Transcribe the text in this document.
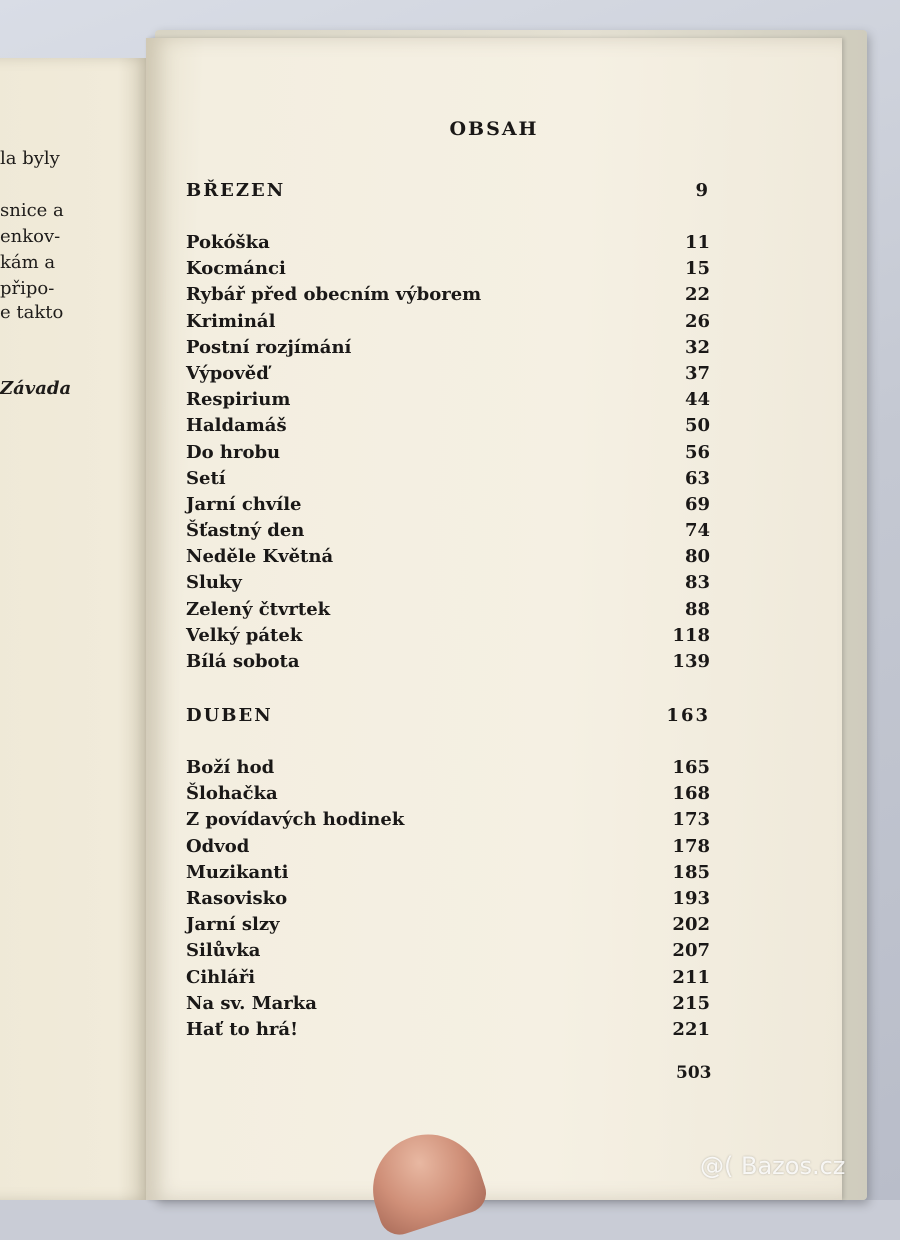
la byly
snice a
enkov-
kám a
připo-
e takto
Závada
OBSAH
BŘEZEN	9
Pokóška	11
Kocmánci	15
Rybář před obecním výborem	22
Kriminál	26
Postní rozjímání	32
Výpověď	37
Respirium	44
Haldamáš	50
Do hrobu	56
Setí	63
Jarní chvíle	69
Šťastný den	74
Neděle Květná	80
Sluky	83
Zelený čtvrtek	88
Velký pátek	118
Bílá sobota	139
DUBEN	163
Boží hod	165
Šlohačka	168
Z povídavých hodinek	173
Odvod	178
Muzikanti	185
Rasovisko	193
Jarní slzy	202
Silůvka	207
Cihláři	211
Na sv. Marka	215
Hať to hrá!	221
503
@( Bazos.cz
